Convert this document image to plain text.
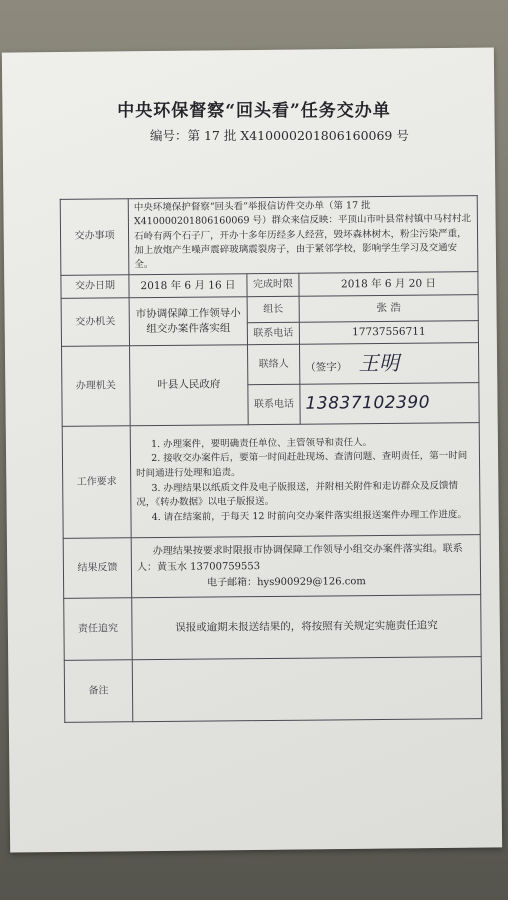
中央环保督察“回头看”任务交办单
编号：第 17 批 X410000201806160069 号
交办事项	中央环境保护督察“回头看”举报信访件交办单（第 17 批 X410000201806160069 号）群众来信反映：平顶山市叶县常村镇中马村村北石岭有两个石子厂，开办十多年历经多人经营，毁坏森林树木，粉尘污染严重，加上放炮产生噪声震碎玻璃震裂房子，由于紧邻学校，影响学生学习及交通安全。		
交办日期	2018 年 6 月 16 日	完成时限	2018 年 6 月 20 日
交办机关	市协调保障工作领导小组交办案件落实组	组长	张 浩
		联系电话	17737556711
办理机关	叶县人民政府	联络人	（签字） 王明
		联系电话	13837102390
工作要求	1. 办理案件，要明确责任单位、主管领导和责任人。

2. 接收交办案件后，要第一时间赶赴现场、查清问题、查明责任，第一时间时间通进行处理和追责。

3. 办理结果以纸质文件及电子版报送，并附相关附件和走访群众及反馈情况，《转办数据》以电子版报送。

4. 请在结案前，于每天 12 时前向交办案件落实组报送案件办理工作进度。		

结果反馈	办理结果按要求时限报市协调保障工作领导小组交办案件落实组。联系人：黄玉水 13700759553

电子邮箱：hys900929@126.com		

责任追究	误报或逾期未报送结果的，将按照有关规定实施责任追究		
备注			
